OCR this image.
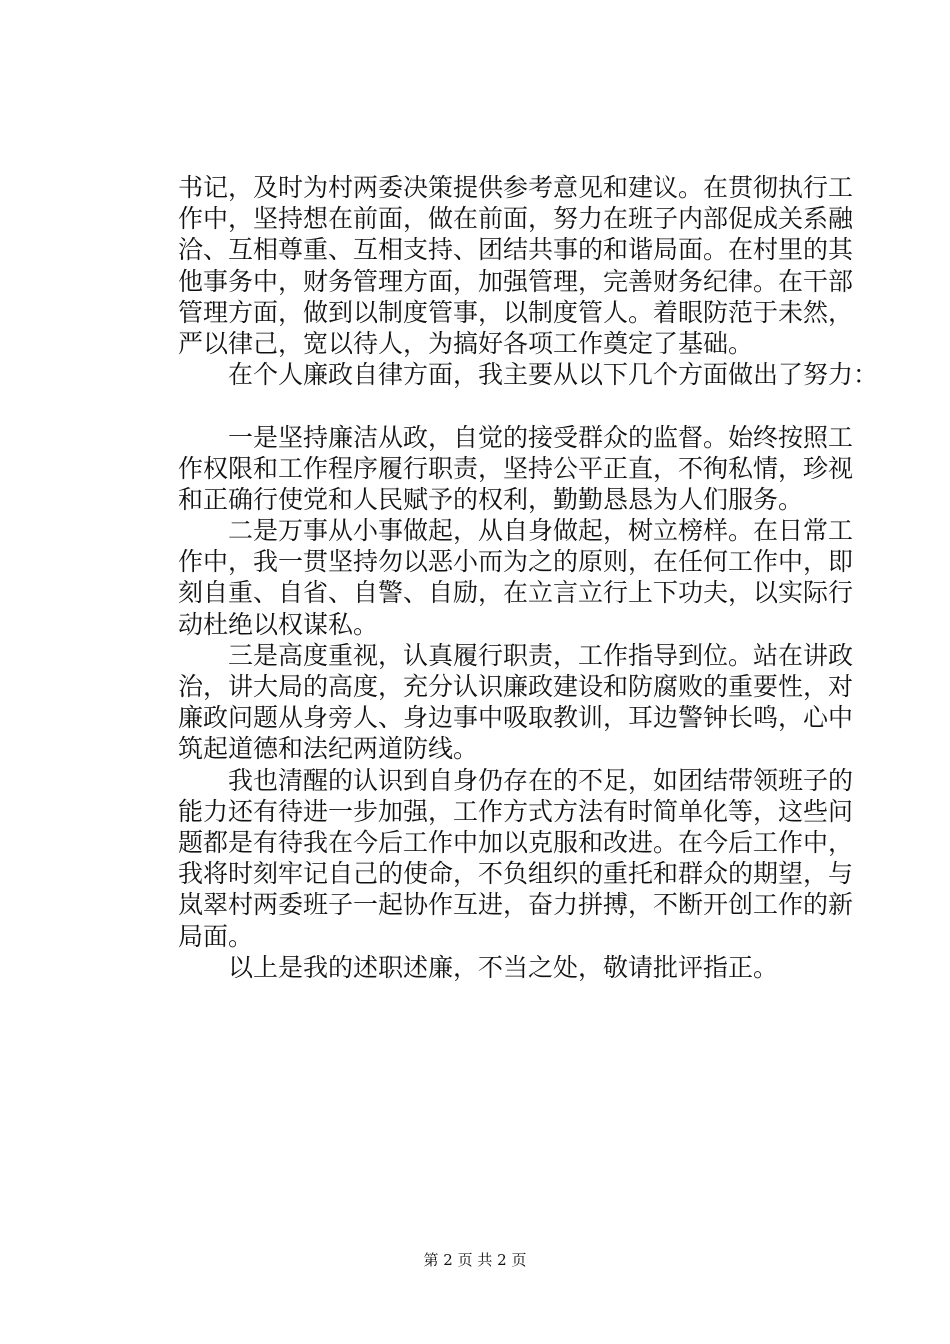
书记，及时为村两委决策提供参考意见和建议。在贯彻执行工
作中，坚持想在前面，做在前面，努力在班子内部促成关系融
洽、互相尊重、互相支持、团结共事的和谐局面。在村里的其
他事务中，财务管理方面，加强管理，完善财务纪律。在干部
管理方面，做到以制度管事，以制度管人。着眼防范于未然，
严以律己，宽以待人，为搞好各项工作奠定了基础。
　　在个人廉政自律方面，我主要从以下几个方面做出了努力：
　　一是坚持廉洁从政，自觉的接受群众的监督。始终按照工
作权限和工作程序履行职责，坚持公平正直，不徇私情，珍视
和正确行使党和人民赋予的权利，勤勤恳恳为人们服务。
　　二是万事从小事做起，从自身做起，树立榜样。在日常工
作中，我一贯坚持勿以恶小而为之的原则，在任何工作中，即
刻自重、自省、自警、自励，在立言立行上下功夫，以实际行
动杜绝以权谋私。
　　三是高度重视，认真履行职责，工作指导到位。站在讲政
治，讲大局的高度，充分认识廉政建设和防腐败的重要性，对
廉政问题从身旁人、身边事中吸取教训，耳边警钟长鸣，心中
筑起道德和法纪两道防线。
　　我也清醒的认识到自身仍存在的不足，如团结带领班子的
能力还有待进一步加强，工作方式方法有时简单化等，这些问
题都是有待我在今后工作中加以克服和改进。在今后工作中，
我将时刻牢记自己的使命，不负组织的重托和群众的期望，与
岚翠村两委班子一起协作互进，奋力拼搏，不断开创工作的新
局面。
　　以上是我的述职述廉，不当之处，敬请批评指正。
第 2 页 共 2 页
